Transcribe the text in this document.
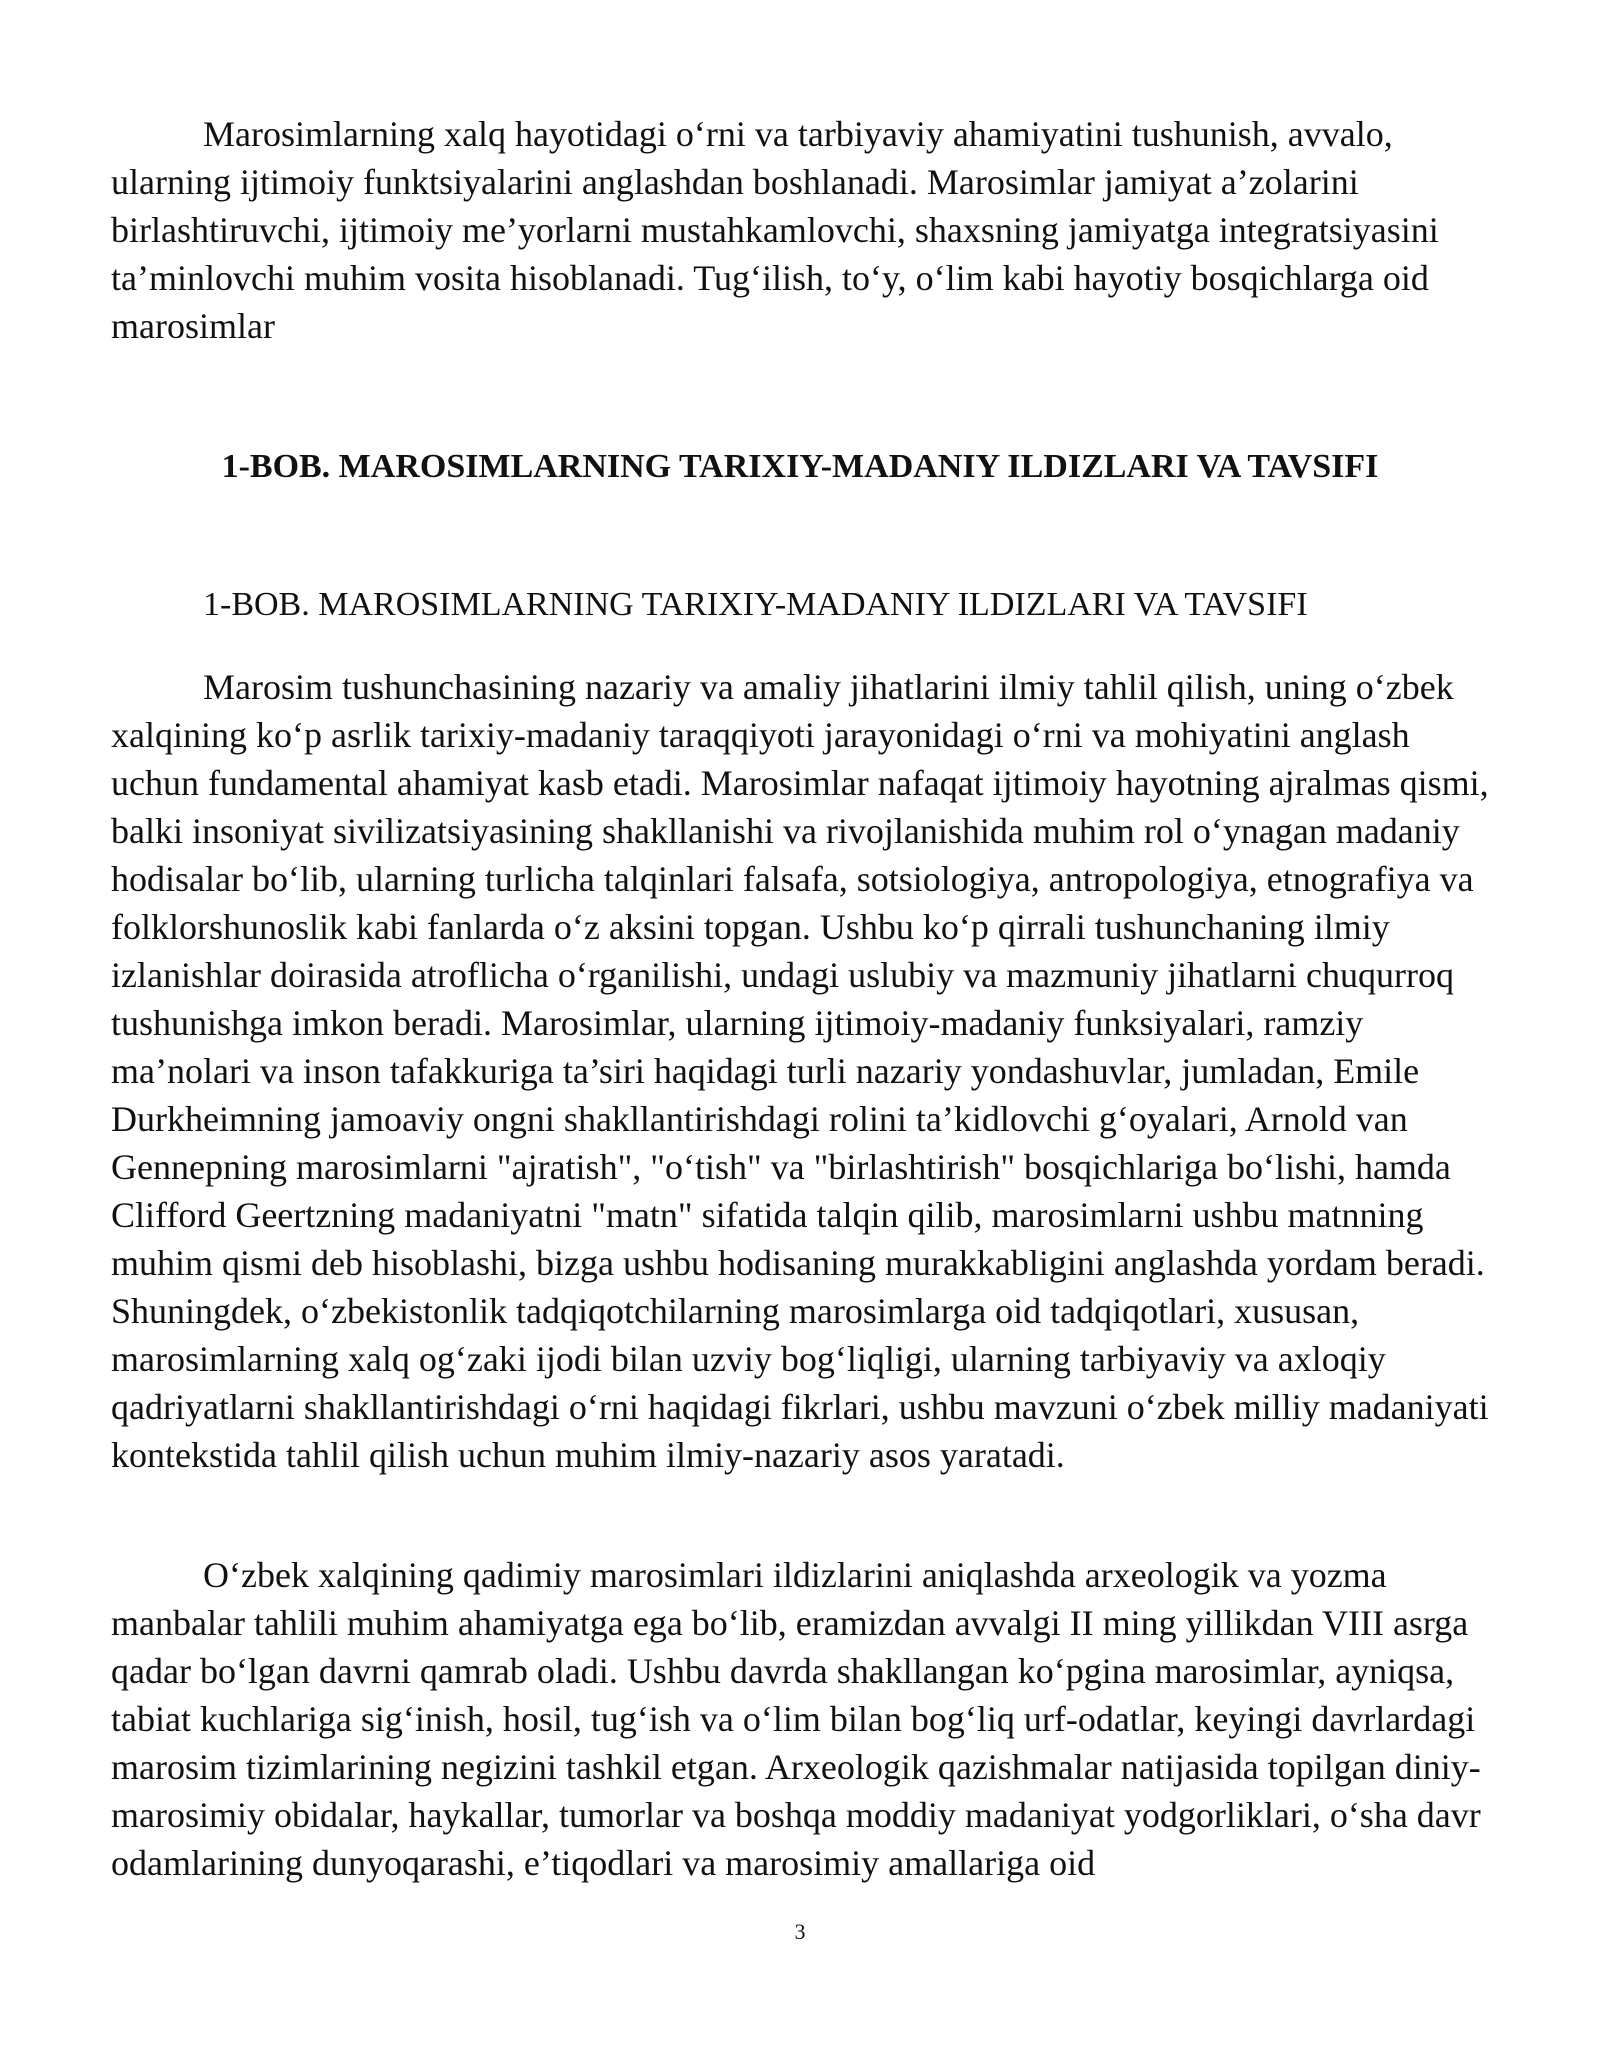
Marosimlarning xalq hayotidagi o‘rni va tarbiyaviy ahamiyatini tushunish, avvalo, ularning ijtimoiy funktsiyalarini anglashdan boshlanadi. Marosimlar jamiyat a’zolarini birlashtiruvchi, ijtimoiy me’yorlarni mustahkamlovchi, shaxsning jamiyatga integratsiyasini ta’minlovchi muhim vosita hisoblanadi. Tug‘ilish, to‘y, o‘lim kabi hayotiy bosqichlarga oid marosimlar

1-BOB. MAROSIMLARNING TARIXIY-MADANIY ILDIZLARI VA TAVSIFI
1-BOB. MAROSIMLARNING TARIXIY-MADANIY ILDIZLARI VA TAVSIFI

Marosim tushunchasining nazariy va amaliy jihatlarini ilmiy tahlil qilish, uning o‘zbek xalqining ko‘p asrlik tarixiy-madaniy taraqqiyoti jarayonidagi o‘rni va mohiyatini anglash uchun fundamental ahamiyat kasb etadi. Marosimlar nafaqat ijtimoiy hayotning ajralmas qismi, balki insoniyat sivilizatsiyasining shakllanishi va rivojlanishida muhim rol o‘ynagan madaniy hodisalar bo‘lib, ularning turlicha talqinlari falsafa, sotsiologiya, antropologiya, etnografiya va folklorshunoslik kabi fanlarda o‘z aksini topgan. Ushbu ko‘p qirrali tushunchaning ilmiy izlanishlar doirasida atroflicha o‘rganilishi, undagi uslubiy va mazmuniy jihatlarni chuqurroq tushunishga imkon beradi. Marosimlar, ularning ijtimoiy-madaniy funksiyalari, ramziy ma’nolari va inson tafakkuriga ta’siri haqidagi turli nazariy yondashuvlar, jumladan, Emile Durkheimning jamoaviy ongni shakllantirishdagi rolini ta’kidlovchi g‘oyalari, Arnold van Gennepning marosimlarni "ajratish", "o‘tish" va "birlashtirish" bosqichlariga bo‘lishi, hamda Clifford Geertzning madaniyatni "matn" sifatida talqin qilib, marosimlarni ushbu matnning muhim qismi deb hisoblashi, bizga ushbu hodisaning murakkabligini anglashda yordam beradi. Shuningdek, o‘zbekistonlik tadqiqotchilarning marosimlarga oid tadqiqotlari, xususan, marosimlarning xalq og‘zaki ijodi bilan uzviy bog‘liqligi, ularning tarbiyaviy va axloqiy qadriyatlarni shakllantirishdagi o‘rni haqidagi fikrlari, ushbu mavzuni o‘zbek milliy madaniyati kontekstida tahlil qilish uchun muhim ilmiy-nazariy asos yaratadi.

O‘zbek xalqining qadimiy marosimlari ildizlarini aniqlashda arxeologik va yozma manbalar tahlili muhim ahamiyatga ega bo‘lib, eramizdan avvalgi II ming yillikdan VIII asrga qadar bo‘lgan davrni qamrab oladi. Ushbu davrda shakllangan ko‘pgina marosimlar, ayniqsa, tabiat kuchlariga sig‘inish, hosil, tug‘ish va o‘lim bilan bog‘liq urf-odatlar, keyingi davrlardagi marosim tizimlarining negizini tashkil etgan. Arxeologik qazishmalar natijasida topilgan diniy-marosimiy obidalar, haykallar, tumorlar va boshqa moddiy madaniyat yodgorliklari, o‘sha davr odamlarining dunyoqarashi, e’tiqodlari va marosimiy amallariga oid

3
